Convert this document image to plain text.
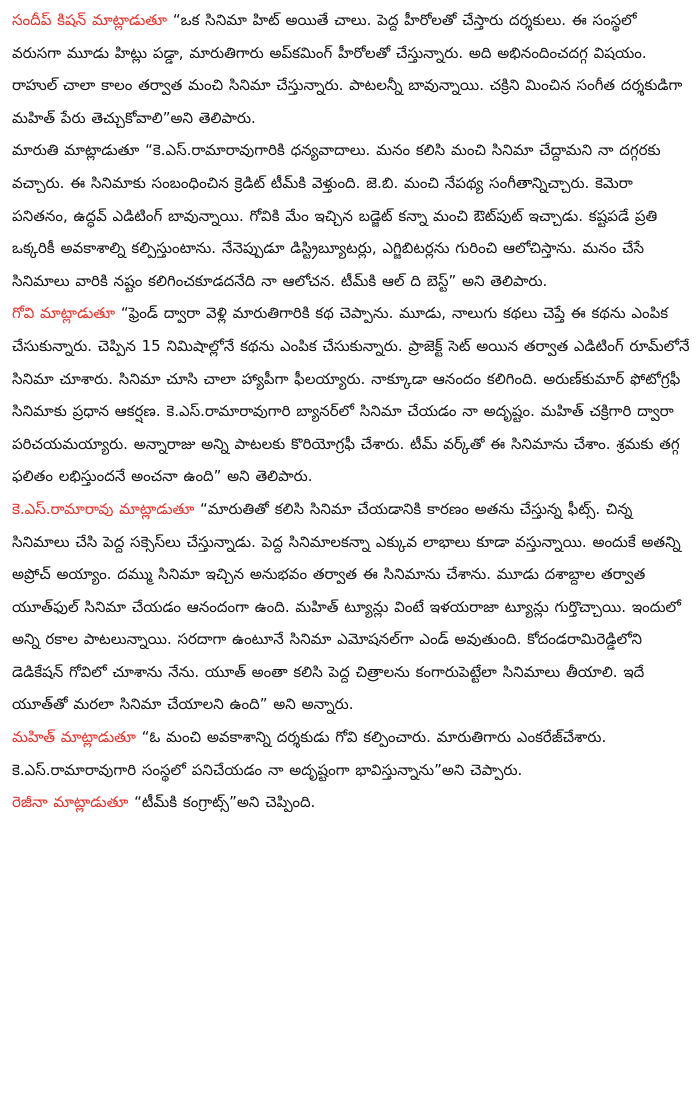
సందీప్ కిషన్ మాట్లాడుతూ “ఒక సినిమా హిట్ అయితే చాలు. పెద్ద హీరోలతో చేస్తారు దర్శకులు. ఈ సంస్థలో వరుసగా మూడు హిట్లు పడ్డా, మారుతిగారు అప్‌కమింగ్ హీరోలతో చేస్తున్నారు. అది అభినందించదగ్గ విషయం. రాహుల్ చాలా కాలం తర్వాత మంచి సినిమా చేస్తున్నారు. పాటలన్నీ బావున్నాయి. చక్రిని మించిన సంగీత దర్శకుడిగా మహిత్ పేరు తెచ్చుకోవాలి”అని తెలిపారు.

మారుతి మాట్లాడుతూ “కె.ఎస్.రామారావుగారికి ధన్యవాదాలు. మనం కలిసి మంచి సినిమా చేద్దామని నా దగ్గరకు వచ్చారు. ఈ సినిమాకు సంబంధించిన క్రెడిట్ టీమ్‌కి వెళ్తుంది. జె.బి. మంచి నేపథ్య సంగీతాన్నిచ్చారు. కెమెరా పనితనం, ఉద్ధవ్ ఎడిటింగ్ బావున్నాయి. గోవికి మేం ఇచ్చిన బడ్జెట్ కన్నా మంచి ఔట్‌పుట్ ఇచ్చాడు. కష్టపడే ప్రతి ఒక్కరికీ అవకాశాల్ని కల్పిస్తుంటాను. నేనెప్పుడూ డిస్ట్రిబ్యూటర్లు, ఎగ్జిబిటర్లను గురించి ఆలోచిస్తాను. మనం చేసే సినిమాలు వారికి నష్టం కలిగించకూడదనేది నా ఆలోచన. టీమ్‌కి ఆల్ ది బెస్ట్” అని తెలిపారు.

గోవి మాట్లాడుతూ “ఫ్రెండ్ ద్వారా వెళ్లి మారుతిగారికి కథ చెప్పాను. మూడు, నాలుగు కథలు చెప్తే ఈ కథను ఎంపిక చేసుకున్నారు. చెప్పిన 15 నిమిషాల్లోనే కథను ఎంపిక చేసుకున్నారు. ప్రాజెక్ట్ సెట్ అయిన తర్వాత ఎడిటింగ్ రూమ్‌లోనే సినిమా చూశారు. సినిమా చూసి చాలా హ్యాపీగా ఫీలయ్యారు. నాక్కూడా ఆనందం కలిగింది. అరుణ్‌కుమార్ ఫోటోగ్రఫీ సినిమాకు ప్రధాన ఆకర్షణ. కె.ఎస్.రామారావుగారి బ్యానర్‌లో సినిమా చేయడం నా అదృష్టం. మహిత్ చక్రిగారి ద్వారా పరిచయమయ్యారు. అన్నారాజు అన్ని పాటలకు కొరియోగ్రఫీ చేశారు. టీమ్ వర్క్‌తో ఈ సినిమాను చేశాం. శ్రమకు తగ్గ ఫలితం లభిస్తుందనే అంచనా ఉంది” అని తెలిపారు.

కె.ఎస్.రామారావు మాట్లాడుతూ “మారుతితో కలిసి సినిమా చేయడానికి కారణం అతను చేస్తున్న ఫీట్స్. చిన్న సినిమాలు చేసి పెద్ద సక్సెస్‌లు చేస్తున్నాడు. పెద్ద సినిమాలకన్నా ఎక్కువ లాభాలు కూడా వస్తున్నాయి. అందుకే అతన్ని అప్రోచ్ అయ్యాం. దమ్ము సినిమా ఇచ్చిన అనుభవం తర్వాత ఈ సినిమాను చేశాను. మూడు దశాబ్దాల తర్వాత యూత్‌ఫుల్ సినిమా చేయడం ఆనందంగా ఉంది. మహిత్ ట్యూన్లు వింటే ఇళయరాజా ట్యూన్లు గుర్తొచ్చాయి. ఇందులో అన్ని రకాల పాటలున్నాయి. సరదాగా ఉంటూనే సినిమా ఎమోషనల్‌గా ఎండ్ అవుతుంది. కోదండరామిరెడ్డిలోని డెడికేషన్ గోవిలో చూశాను నేను. యూత్ అంతా కలిసి పెద్ద చిత్రాలను కంగారుపెట్టేలా సినిమాలు తీయాలి. ఇదే యూత్‌తో మరలా సినిమా చేయాలని ఉంది” అని అన్నారు.

మహిత్ మాట్లాడుతూ “ఓ మంచి అవకాశాన్ని దర్శకుడు గోవి కల్పించారు. మారుతిగారు ఎంకరేజ్‌చేశారు. కె.ఎస్.రామారావుగారి సంస్థలో పనిచేయడం నా అదృష్టంగా భావిస్తున్నాను”అని చెప్పారు.

రెజీనా మాట్లాడుతూ “టీమ్‌కి కంగ్రాట్స్”అని చెప్పింది.
